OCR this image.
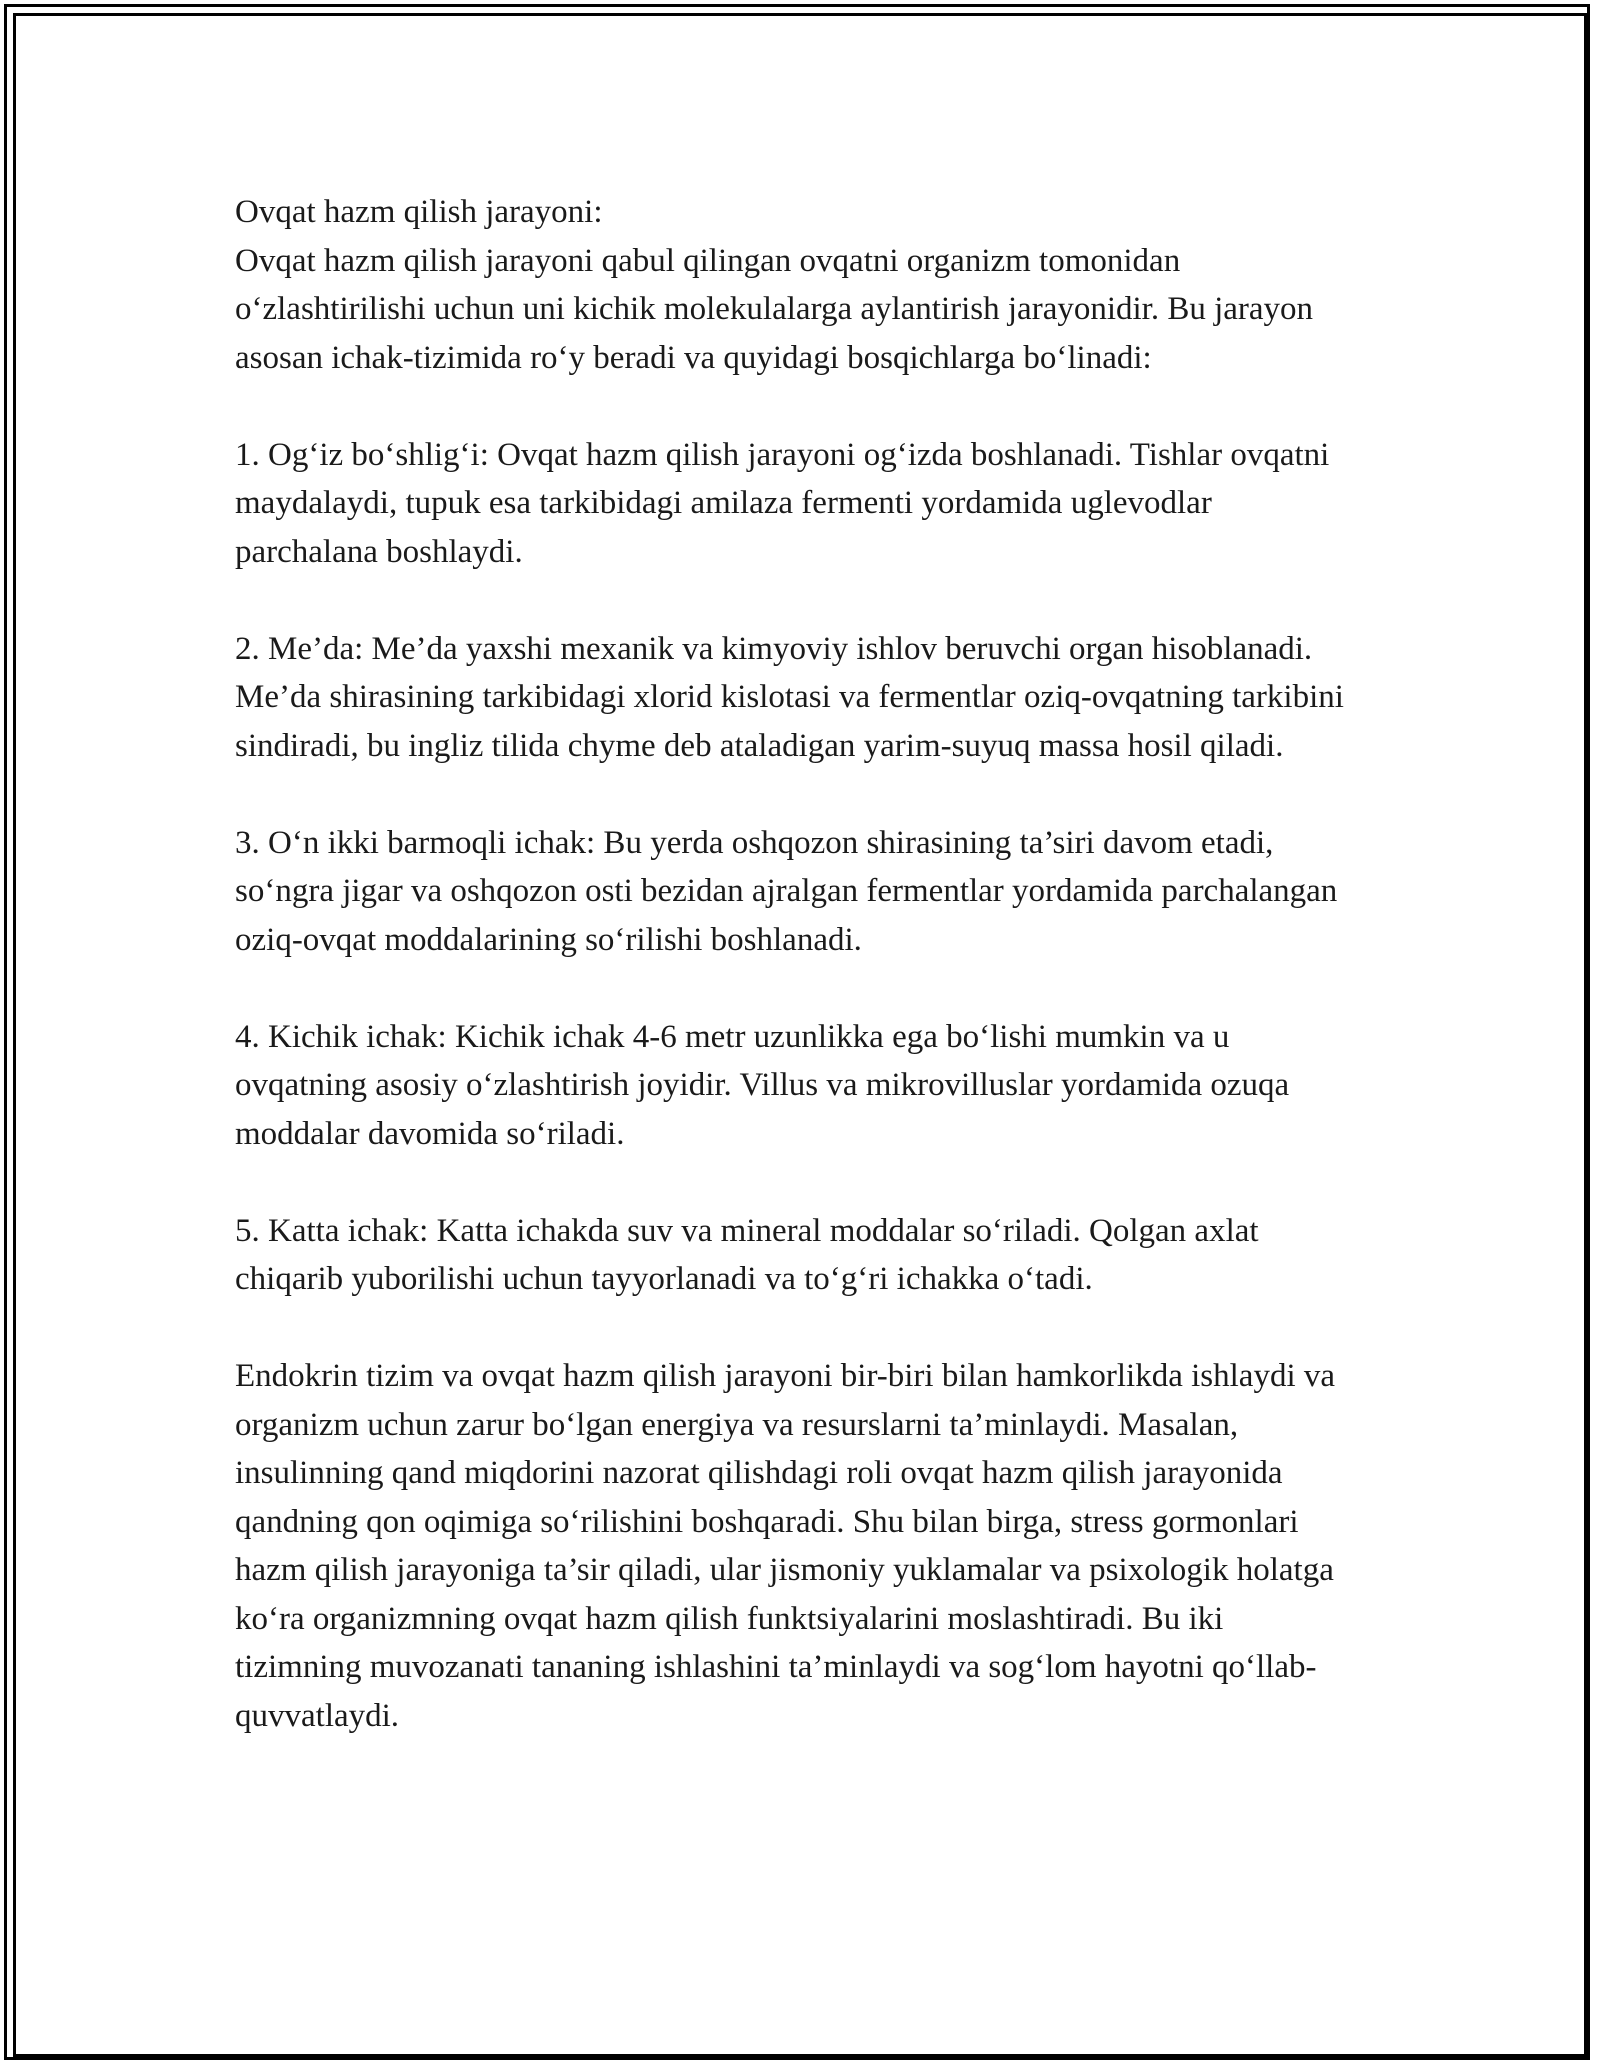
Ovqat hazm qilish jarayoni:

Ovqat hazm qilish jarayoni qabul qilingan ovqatni organizm tomonidan o‘zlashtirilishi uchun uni kichik molekulalarga aylantirish jarayonidir. Bu jarayon asosan ichak-tizimida ro‘y beradi va quyidagi bosqichlarga bo‘linadi:

1. Og‘iz bo‘shlig‘i: Ovqat hazm qilish jarayoni og‘izda boshlanadi. Tishlar ovqatni maydalaydi, tupuk esa tarkibidagi amilaza fermenti yordamida uglevodlar parchalana boshlaydi.

2. Me’da: Me’da yaxshi mexanik va kimyoviy ishlov beruvchi organ hisoblanadi. Me’da shirasining tarkibidagi xlorid kislotasi va fermentlar oziq-ovqatning tarkibini sindiradi, bu ingliz tilida chyme deb ataladigan yarim-suyuq massa hosil qiladi.

3. O‘n ikki barmoqli ichak: Bu yerda oshqozon shirasining ta’siri davom etadi, so‘ngra jigar va oshqozon osti bezidan ajralgan fermentlar yordamida parchalangan oziq-ovqat moddalarining so‘rilishi boshlanadi.

4. Kichik ichak: Kichik ichak 4-6 metr uzunlikka ega bo‘lishi mumkin va u ovqatning asosiy o‘zlashtirish joyidir. Villus va mikrovilluslar yordamida ozuqa moddalar davomida so‘riladi.

5. Katta ichak: Katta ichakda suv va mineral moddalar so‘riladi. Qolgan axlat chiqarib yuborilishi uchun tayyorlanadi va to‘g‘ri ichakka o‘tadi.

Endokrin tizim va ovqat hazm qilish jarayoni bir-biri bilan hamkorlikda ishlaydi va organizm uchun zarur bo‘lgan energiya va resurslarni ta’minlaydi. Masalan, insulinning qand miqdorini nazorat qilishdagi roli ovqat hazm qilish jarayonida qandning qon oqimiga so‘rilishini boshqaradi. Shu bilan birga, stress gormonlari hazm qilish jarayoniga ta’sir qiladi, ular jismoniy yuklamalar va psixologik holatga ko‘ra organizmning ovqat hazm qilish funktsiyalarini moslashtiradi. Bu iki tizimning muvozanati tananing ishlashini ta’minlaydi va sog‘lom hayotni qo‘llab-quvvatlaydi.
